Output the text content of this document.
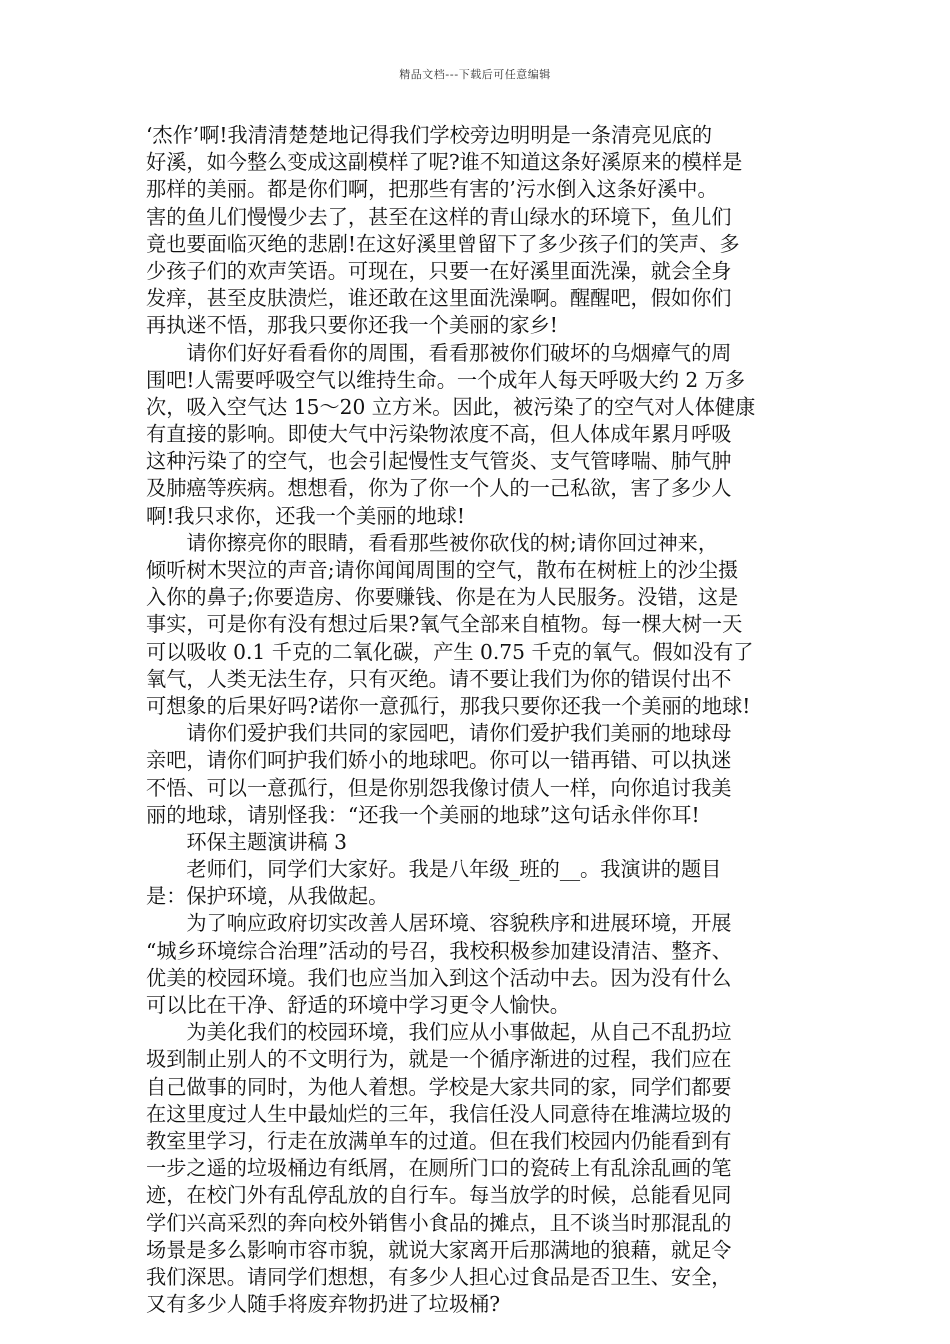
精品文档---下载后可任意编辑
‘杰作’啊!我清清楚楚地记得我们学校旁边明明是一条清亮见底的
好溪，如今整么变成这副模样了呢?谁不知道这条好溪原来的模样是
那样的美丽。都是你们啊，把那些有害的’污水倒入这条好溪中。
害的鱼儿们慢慢少去了，甚至在这样的青山绿水的环境下，鱼儿们
竟也要面临灭绝的悲剧!在这好溪里曾留下了多少孩子们的笑声、多
少孩子们的欢声笑语。可现在，只要一在好溪里面洗澡，就会全身
发痒，甚至皮肤溃烂，谁还敢在这里面洗澡啊。醒醒吧，假如你们
再执迷不悟，那我只要你还我一个美丽的家乡!
　　请你们好好看看你的周围，看看那被你们破坏的乌烟瘴气的周
围吧!人需要呼吸空气以维持生命。一个成年人每天呼吸大约 2 万多
次，吸入空气达 15～20 立方米。因此，被污染了的空气对人体健康
有直接的影响。即使大气中污染物浓度不高，但人体成年累月呼吸
这种污染了的空气，也会引起慢性支气管炎、支气管哮喘、肺气肿
及肺癌等疾病。想想看，你为了你一个人的一己私欲，害了多少人
啊!我只求你，还我一个美丽的地球!
　　请你擦亮你的眼睛，看看那些被你砍伐的树;请你回过神来，
倾听树木哭泣的声音;请你闻闻周围的空气，散布在树桩上的沙尘摄
入你的鼻子;你要造房、你要赚钱、你是在为人民服务。没错，这是
事实，可是你有没有想过后果?氧气全部来自植物。每一棵大树一天
可以吸收 0.1 千克的二氧化碳，产生 0.75 千克的氧气。假如没有了
氧气，人类无法生存，只有灭绝。请不要让我们为你的错误付出不
可想象的后果好吗?诺你一意孤行，那我只要你还我一个美丽的地球!
　　请你们爱护我们共同的家园吧，请你们爱护我们美丽的地球母
亲吧，请你们呵护我们娇小的地球吧。你可以一错再错、可以执迷
不悟、可以一意孤行，但是你别怨我像讨债人一样，向你追讨我美
丽的地球，请别怪我：“还我一个美丽的地球”这句话永伴你耳!
　　环保主题演讲稿 3
　　老师们，同学们大家好。我是八年级_班的__。我演讲的题目
是：保护环境，从我做起。
　　为了响应政府切实改善人居环境、容貌秩序和进展环境，开展
“城乡环境综合治理”活动的号召，我校积极参加建设清洁、整齐、
优美的校园环境。我们也应当加入到这个活动中去。因为没有什么
可以比在干净、舒适的环境中学习更令人愉快。
　　为美化我们的校园环境，我们应从小事做起，从自己不乱扔垃
圾到制止别人的不文明行为，就是一个循序渐进的过程，我们应在
自己做事的同时，为他人着想。学校是大家共同的家，同学们都要
在这里度过人生中最灿烂的三年，我信任没人同意待在堆满垃圾的
教室里学习，行走在放满单车的过道。但在我们校园内仍能看到有
一步之遥的垃圾桶边有纸屑，在厕所门口的瓷砖上有乱涂乱画的笔
迹，在校门外有乱停乱放的自行车。每当放学的时候，总能看见同
学们兴高采烈的奔向校外销售小食品的摊点，且不谈当时那混乱的
场景是多么影响市容市貌，就说大家离开后那满地的狼藉，就足令
我们深思。请同学们想想，有多少人担心过食品是否卫生、安全，
又有多少人随手将废弃物扔进了垃圾桶?
